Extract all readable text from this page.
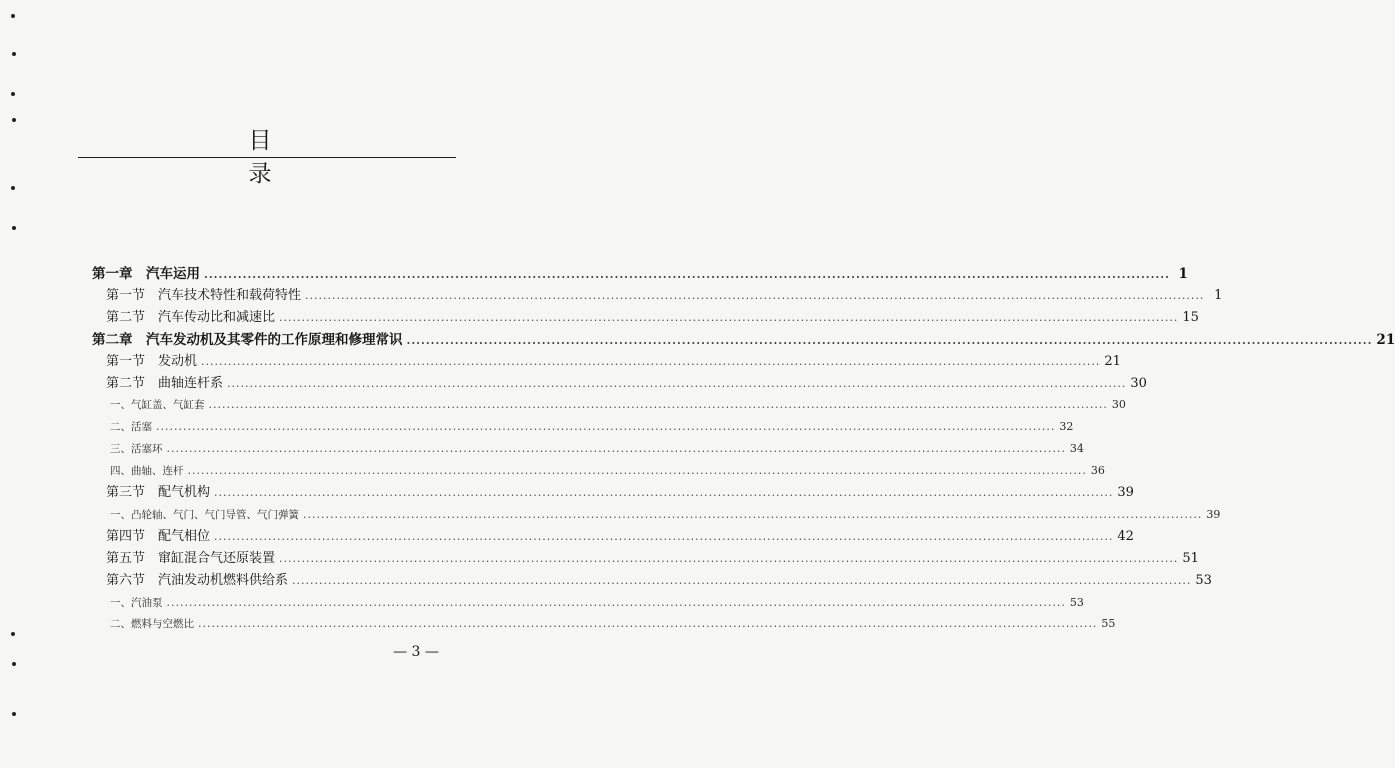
目 录
第一章　汽车运用 ........................................................................................................................................................................................................ 1
第一节　汽车技术特性和载荷特性 ........................................................................................................................................................................................................ 1
第二节　汽车传动比和减速比 ........................................................................................................................................................................................................ 15
第二章　汽车发动机及其零件的工作原理和修理常识 ........................................................................................................................................................................................................ 21
第一节　发动机 ........................................................................................................................................................................................................ 21
第二节　曲轴连杆系 ........................................................................................................................................................................................................ 30
一、气缸盖、气缸套 ........................................................................................................................................................................................................ 30
二、活塞 ........................................................................................................................................................................................................ 32
三、活塞环 ........................................................................................................................................................................................................ 34
四、曲轴、连杆 ........................................................................................................................................................................................................ 36
第三节　配气机构 ........................................................................................................................................................................................................ 39
一、凸轮轴、气门、气门导管、气门弹簧 ........................................................................................................................................................................................................ 39
第四节　配气相位 ........................................................................................................................................................................................................ 42
第五节　窜缸混合气还原装置 ........................................................................................................................................................................................................ 51
第六节　汽油发动机燃料供给系 ........................................................................................................................................................................................................ 53
一、汽油泵 ........................................................................................................................................................................................................ 53
二、燃料与空燃比 ........................................................................................................................................................................................................ 55
— 3 —
